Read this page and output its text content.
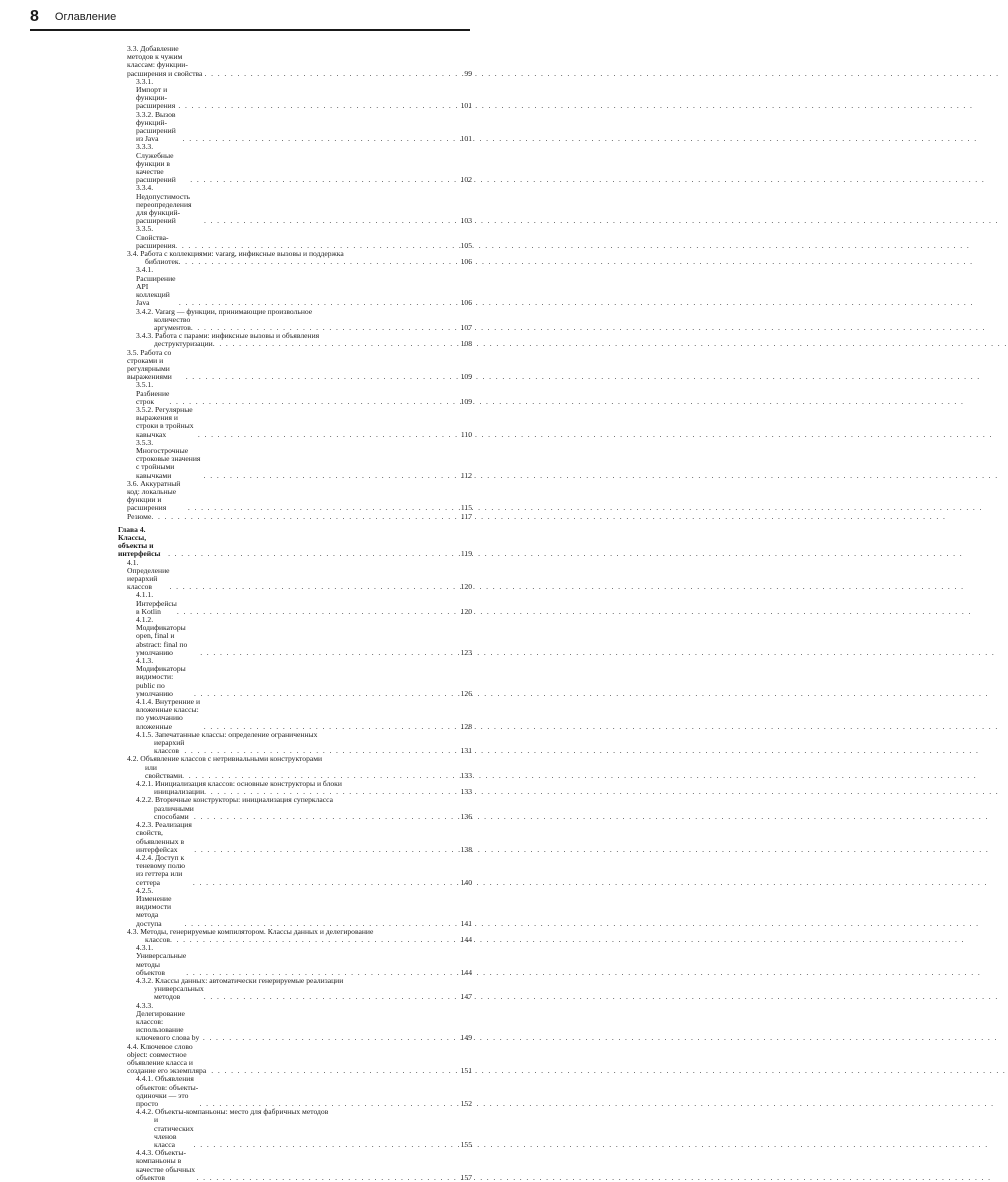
8 Оглавление
3.3. Добавление методов к чужим классам: функции-расширения и свойства . . .	99
3.3.1. Импорт и функции-расширения . . .	101
3.3.2. Вызов функций-расширений из Java . . .	101
3.3.3. Служебные функции в качестве расширений . . .	102
3.3.4. Недопустимость переопределения для функций-расширений . . .	103
3.3.5. Свойства-расширения . . .	105
3.4. Работа с коллекциями: vararg, инфиксные вызовы и поддержка
библиотек . . .	106
3.4.1. Расширение API коллекций Java . . .	106
3.4.2. Vararg — функции, принимающие произвольное
количество аргументов . . .	107
3.4.3. Работа с парами: инфиксные вызовы и объявления
деструктуризации . . .	108
3.5. Работа со строками и регулярными выражениями . . .	109
3.5.1. Разбиение строк . . .	109
3.5.2. Регулярные выражения и строки в тройных кавычках . . .	110
3.5.3. Многострочные строковые значения с тройными кавычками . . .	112
3.6. Аккуратный код: локальные функции и расширения . . .	115
Резюме . . .	117
Глава 4. Классы, объекты и интерфейсы . . .	119
4.1. Определение иерархий классов . . .	120
4.1.1. Интерфейсы в Kotlin . . .	120
4.1.2. Модификаторы open, final и abstract: final по умолчанию . . .	123
4.1.3. Модификаторы видимости: public по умолчанию . . .	126
4.1.4. Внутренние и вложенные классы: по умолчанию вложенные . . .	128
4.1.5. Запечатанные классы: определение ограниченных
иерархий классов . . .	131
4.2. Объявление классов с нетривиальными конструкторами
или свойствами . . .	133
4.2.1. Инициализация классов: основные конструкторы и блоки
инициализации . . .	133
4.2.2. Вторичные конструкторы: инициализация суперкласса
различными способами . . .	136
4.2.3. Реализация свойств, объявленных в интерфейсах . . .	138
4.2.4. Доступ к теневому полю из геттера или сеттера . . .	140
4.2.5. Изменение видимости метода доступа . . .	141
4.3. Методы, генерируемые компилятором. Классы данных и делегирование
классов . . .	144
4.3.1. Универсальные методы объектов . . .	144
4.3.2. Классы данных: автоматически генерируемые реализации
универсальных методов . . .	147
4.3.3. Делегирование классов: использование ключевого слова by . . .	149
4.4. Ключевое слово object: совместное объявление класса и создание его экземпляра . . .	151
4.4.1. Объявления объектов: объекты-одиночки — это просто . . .	152
4.4.2. Объекты-компаньоны: место для фабричных методов
и статических членов класса . . .	155
4.4.3. Объекты-компаньоны в качестве обычных объектов . . .	157
